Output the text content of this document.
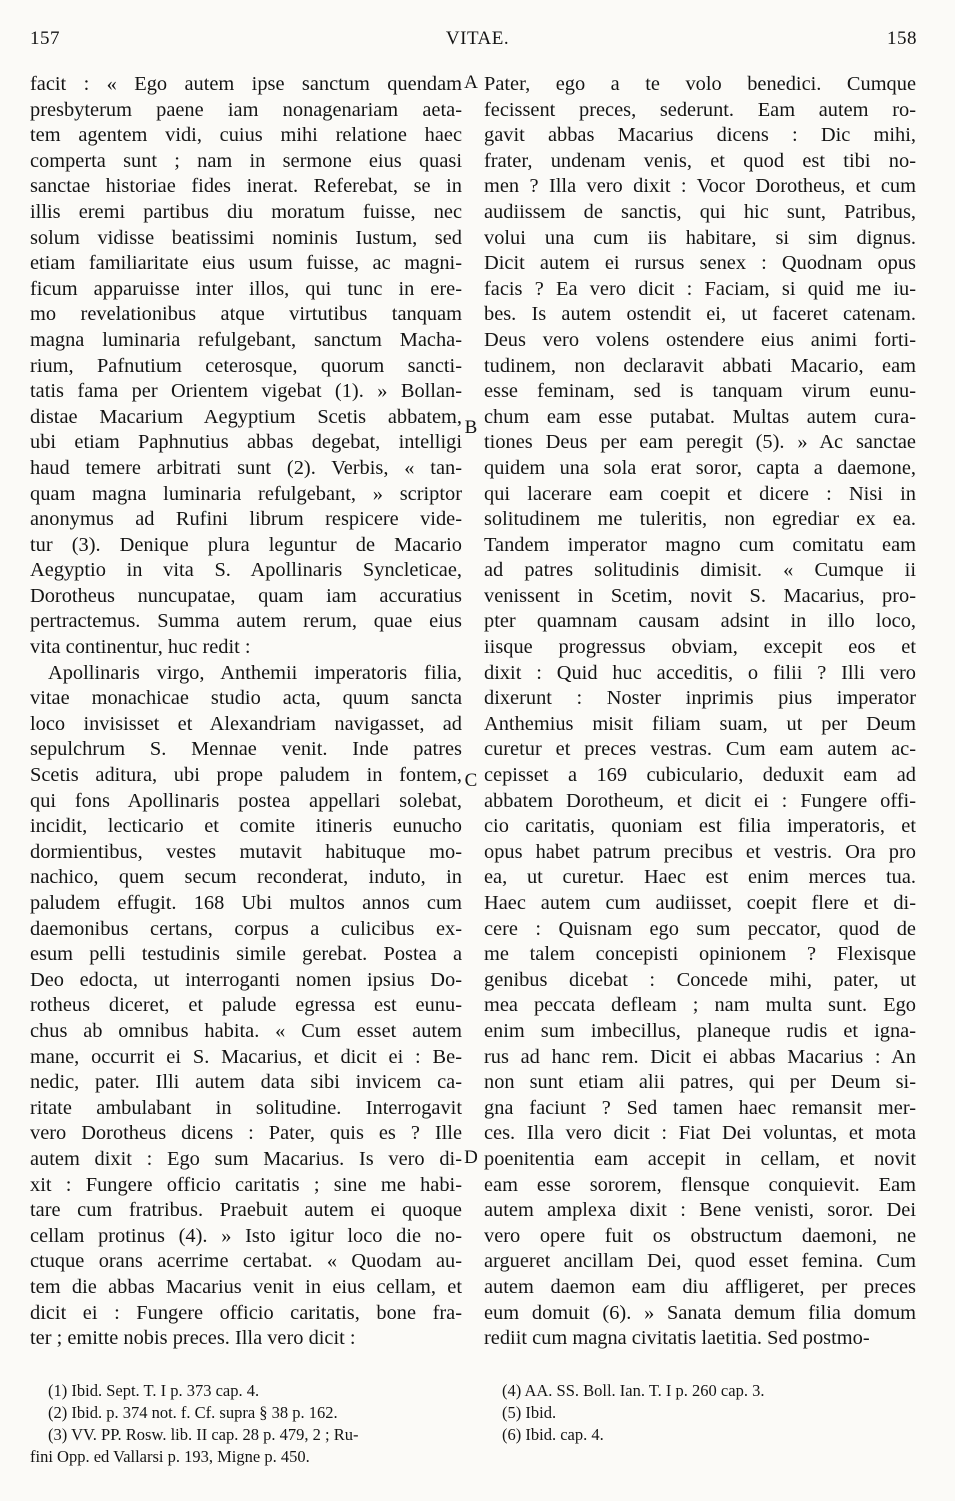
157	VITAE.	158
facit : « Ego autem ipse sanctum quendam
presbyterum paene iam nonagenariam aeta-
tem agentem vidi, cuius mihi relatione haec
comperta sunt ; nam in sermone eius quasi
sanctae historiae fides inerat. Referebat, se in
illis eremi partibus diu moratum fuisse, nec
solum vidisse beatissimi nominis Iustum, sed
etiam familiaritate eius usum fuisse, ac magni-
ficum apparuisse inter illos, qui tunc in ere-
mo revelationibus atque virtutibus tanquam
magna luminaria refulgebant, sanctum Macha-
rium, Pafnutium ceterosque, quorum sancti-
tatis fama per Orientem vigebat (1). » Bollan-
distae Macarium Aegyptium Scetis abbatem,
ubi etiam Paphnutius abbas degebat, intelligi
haud temere arbitrati sunt (2). Verbis, « tan-
quam magna luminaria refulgebant, » scriptor
anonymus ad Rufini librum respicere vide-
tur (3). Denique plura leguntur de Macario
Aegyptio in vita S. Apollinaris Syncleticae,
Dorotheus nuncupatae, quam iam accuratius
pertractemus. Summa autem rerum, quae eius
vita continentur, huc redit :
Apollinaris virgo, Anthemii imperatoris filia,
vitae monachicae studio acta, quum sancta
loco invisisset et Alexandriam navigasset, ad
sepulchrum S. Mennae venit. Inde patres
Scetis aditura, ubi prope paludem in fontem,
qui fons Apollinaris postea appellari solebat,
incidit, lecticario et comite itineris eunucho
dormientibus, vestes mutavit habituque mo-
nachico, quem secum reconderat, induto, in
paludem effugit. 168 Ubi multos annos cum
daemonibus certans, corpus a culicibus ex-
esum pelli testudinis simile gerebat. Postea a
Deo edocta, ut interroganti nomen ipsius Do-
rotheus diceret, et palude egressa est eunu-
chus ab omnibus habita. « Cum esset autem
mane, occurrit ei S. Macarius, et dicit ei : Be-
nedic, pater. Illi autem data sibi invicem ca-
ritate ambulabant in solitudine. Interrogavit
vero Dorotheus dicens : Pater, quis es ? Ille
autem dixit : Ego sum Macarius. Is vero di-
xit : Fungere officio caritatis ; sine me habi-
tare cum fratribus. Praebuit autem ei quoque
cellam protinus (4). » Isto igitur loco die no-
ctuque orans acerrime certabat. « Quodam au-
tem die abbas Macarius venit in eius cellam, et
dicit ei : Fungere officio caritatis, bone fra-
ter ; emitte nobis preces. Illa vero dicit :
Pater, ego a te volo benedici. Cumque
fecissent preces, sederunt. Eam autem ro-
gavit abbas Macarius dicens : Dic mihi,
frater, undenam venis, et quod est tibi no-
men ? Illa vero dixit : Vocor Dorotheus, et cum
audiissem de sanctis, qui hic sunt, Patribus,
volui una cum iis habitare, si sim dignus.
Dicit autem ei rursus senex : Quodnam opus
facis ? Ea vero dicit : Faciam, si quid me iu-
bes. Is autem ostendit ei, ut faceret catenam.
Deus vero volens ostendere eius animi forti-
tudinem, non declaravit abbati Macario, eam
esse feminam, sed is tanquam virum eunu-
chum eam esse putabat. Multas autem cura-
tiones Deus per eam peregit (5). » Ac sanctae
quidem una sola erat soror, capta a daemone,
qui lacerare eam coepit et dicere : Nisi in
solitudinem me tuleritis, non egrediar ex ea.
Tandem imperator magno cum comitatu eam
ad patres solitudinis dimisit. « Cumque ii
venissent in Scetim, novit S. Macarius, pro-
pter quamnam causam adsint in illo loco,
iisque progressus obviam, excepit eos et
dixit : Quid huc acceditis, o filii ? Illi vero
dixerunt : Noster inprimis pius imperator
Anthemius misit filiam suam, ut per Deum
curetur et preces vestras. Cum eam autem ac-
cepisset a 169 cubiculario, deduxit eam ad
abbatem Dorotheum, et dicit ei : Fungere offi-
cio caritatis, quoniam est filia imperatoris, et
opus habet patrum precibus et vestris. Ora pro
ea, ut curetur. Haec est enim merces tua.
Haec autem cum audiisset, coepit flere et di-
cere : Quisnam ego sum peccator, quod de
me talem concepisti opinionem ? Flexisque
genibus dicebat : Concede mihi, pater, ut
mea peccata defleam ; nam multa sunt. Ego
enim sum imbecillus, planeque rudis et igna-
rus ad hanc rem. Dicit ei abbas Macarius : An
non sunt etiam alii patres, qui per Deum si-
gna faciunt ? Sed tamen haec remansit mer-
ces. Illa vero dicit : Fiat Dei voluntas, et mota
poenitentia eam accepit in cellam, et novit
eam esse sororem, flensque conquievit. Eam
autem amplexa dixit : Bene venisti, soror. Dei
vero opere fuit os obstructum daemoni, ne
argueret ancillam Dei, quod esset femina. Cum
autem daemon eam diu affligeret, per preces
eum domuit (6). » Sanata demum filia domum
rediit cum magna civitatis laetitia. Sed postmo-
A
B
C
D
(1) Ibid. Sept. T. I p. 373 cap. 4.
(2) Ibid. p. 374 not. f. Cf. supra § 38 p. 162.
(3) VV. PP. Rosw. lib. II cap. 28 p. 479, 2 ; Ru-
fini Opp. ed Vallarsi p. 193, Migne p. 450.
(4) AA. SS. Boll. Ian. T. I p. 260 cap. 3.
(5) Ibid.
(6) Ibid. cap. 4.
